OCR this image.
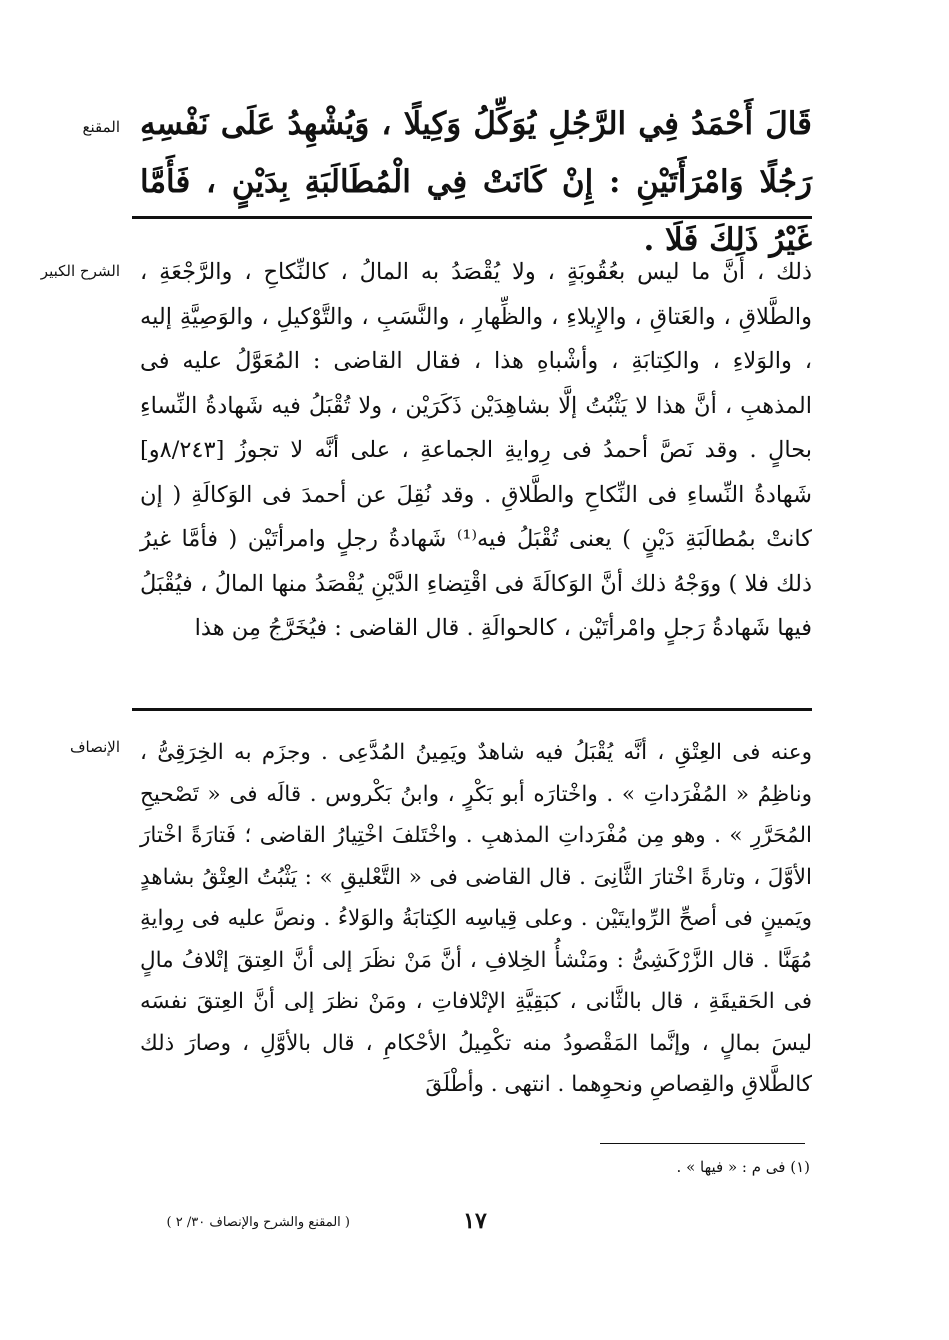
المقنع قَالَ أَحْمَدُ فِي الرَّجُلِ يُوَكِّلُ وَكِيلًا ، وَيُشْهِدُ عَلَى نَفْسِهِ رَجُلًا وَامْرَأَتَيْنِ : إِنْ كَانَتْ فِي الْمُطَالَبَةِ بِدَيْنٍ ، فَأَمَّا غَيْرُ ذَلِكَ فَلَا .
الشرح الكبير ذلك ، أنَّ ما ليس بعُقُوبَةٍ ، ولا يُقْصَدُ به المالُ ، كالنِّكاحِ ، والرَّجْعَةِ ، والطَّلاقِ ، والعَتاقِ ، والإِيلاءِ ، والظِّهارِ ، والنَّسَبِ ، والتَّوْكيلِ ، والوَصِيَّةِ إليه ، والوَلاءِ ، والكِتابَةِ ، وأشْباهِ هذا ، فقال القاضى : المُعَوَّلُ عليه فى المذهبِ ، أنَّ هذا لا يَثْبُتُ إلَّا بشاهِدَيْن ذَكَرَيْن ، ولا تُقْبَلُ فيه شَهادةُ النِّساءِ بحالٍ . وقد نَصَّ أحمدُ فى رِوايةِ الجماعةِ ، على أنَّه لا تجوزُ [٨/٢٤٣و] شَهادةُ النِّساءِ فى النِّكاحِ والطَّلاقِ . وقد نُقِلَ عن أحمدَ فى الوَكالَةِ ( إن كانتْ بمُطالَبَةِ دَيْنٍ ) يعنى تُقْبَلُ فيه⁽¹⁾ شَهادةُ رجلٍ وامرأتَيْن ( فأمَّا غيرُ ذلك فلا ) ووَجْهُ ذلك أنَّ الوَكالَةَ فى اقْتِضاءِ الدَّيْنِ يُقْصَدُ منها المالُ ، فيُقْبَلُ فيها شَهادةُ رَجلٍ وامْرأتَيْن ، كالحوالَةِ . قال القاضى : فيُخَرَّجُ مِن هذا
الإنصاف وعنه فى العِتْقِ ، أنَّه يُقْبَلُ فيه شاهدٌ ويَمِينُ المُدَّعِى . وجزَم به الخِرَقِىُّ ، وناظِمُ « المُفْرَداتِ » . واخْتارَه أبو بَكْرٍ ، وابنُ بَكْروس . قالَه فى « تَصْحيحِ المُحَرَّرِ » . وهو مِن مُفْرَداتِ المذهبِ . واخْتَلفَ اخْتِيارُ القاضى ؛ فَتارَةً اخْتارَ الأوَّلَ ، وتارةً اخْتارَ الثَّانِىَ . قال القاضى فى « التَّعْليقِ » : يَثْبُتُ العِتْقُ بشاهدٍ ويَمينٍ فى أصحِّ الرِّوايتَيْن . وعلى قِياسِه الكِتابَةُ والوَلاءُ . ونصَّ عليه فى رِوايةِ مُهَنَّا . قال الزَّرْكَشِىُّ : ومَنْشأُ الخِلافِ ، أنَّ مَنْ نظَرَ إلى أنَّ العِتقَ إتْلافُ مالٍ فى الحَقيقَةِ ، قال بالثَّانى ، كبَقِيَّةِ الإتْلافاتِ ، ومَنْ نظرَ إلى أنَّ العِتقَ نفسَه ليسَ بمالٍ ، وإنَّما المَقْصودُ منه تكْمِيلُ الأحْكامِ ، قال بالأوَّلِ ، وصارَ ذلك كالطَّلاقِ والقِصاصِ ونحوِهما . انتهى . وأطْلَقَ
(١) فى م : « فيها » .
١٧
( المقنع والشرح والإنصاف ٣٠/ ٢ )
